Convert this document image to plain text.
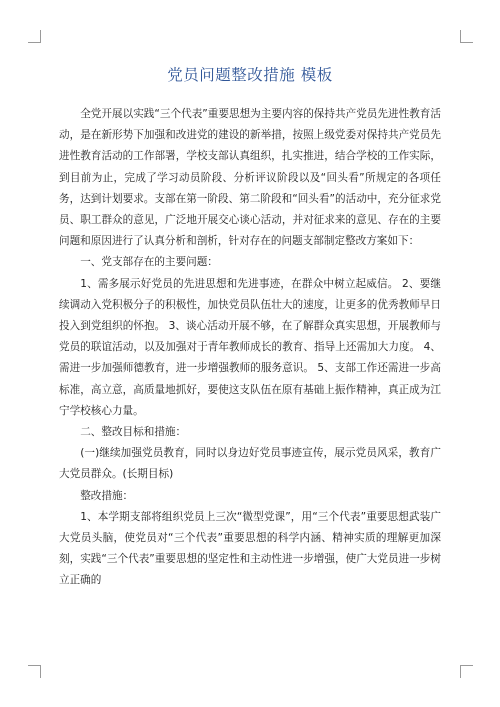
党员问题整改措施 模板

全党开展以实践“三个代表”重要思想为主要内容的保持共产党员先进性教育活动，是在新形势下加强和改进党的建设的新举措，按照上级党委对保持共产党员先进性教育活动的工作部署，学校支部认真组织，扎实推进，结合学校的工作实际，到目前为止，完成了学习动员阶段、分析评议阶段以及“回头看”所规定的各项任务，达到计划要求。支部在第一阶段、第二阶段和“回头看”的活动中，充分征求党员、职工群众的意见，广泛地开展交心谈心活动，并对征求来的意见、存在的主要问题和原因进行了认真分析和剖析，针对存在的问题支部制定整改方案如下：

一、党支部存在的主要问题：

1、需多展示好党员的先进思想和先进事迹，在群众中树立起威信。 2、要继续调动入党积极分子的积极性，加快党员队伍壮大的速度，让更多的优秀教师早日投入到党组织的怀抱。 3、谈心活动开展不够，在了解群众真实思想，开展教师与党员的联谊活动，以及加强对于青年教师成长的教育、指导上还需加大力度。 4、需进一步加强师德教育，进一步增强教师的服务意识。 5、支部工作还需进一步高标准，高立意，高质量地抓好，要使这支队伍在原有基础上振作精神，真正成为江宁学校核心力量。

二、整改目标和措施：

(一)继续加强党员教育，同时以身边好党员事迹宣传，展示党员风采，教育广大党员群众。(长期目标)

整改措施：

1、本学期支部将组织党员上三次“微型党课”，用“三个代表”重要思想武装广大党员头脑，使党员对“三个代表”重要思想的科学内涵、精神实质的理解更加深刻，实践“三个代表”重要思想的坚定性和主动性进一步增强，使广大党员进一步树立正确的
